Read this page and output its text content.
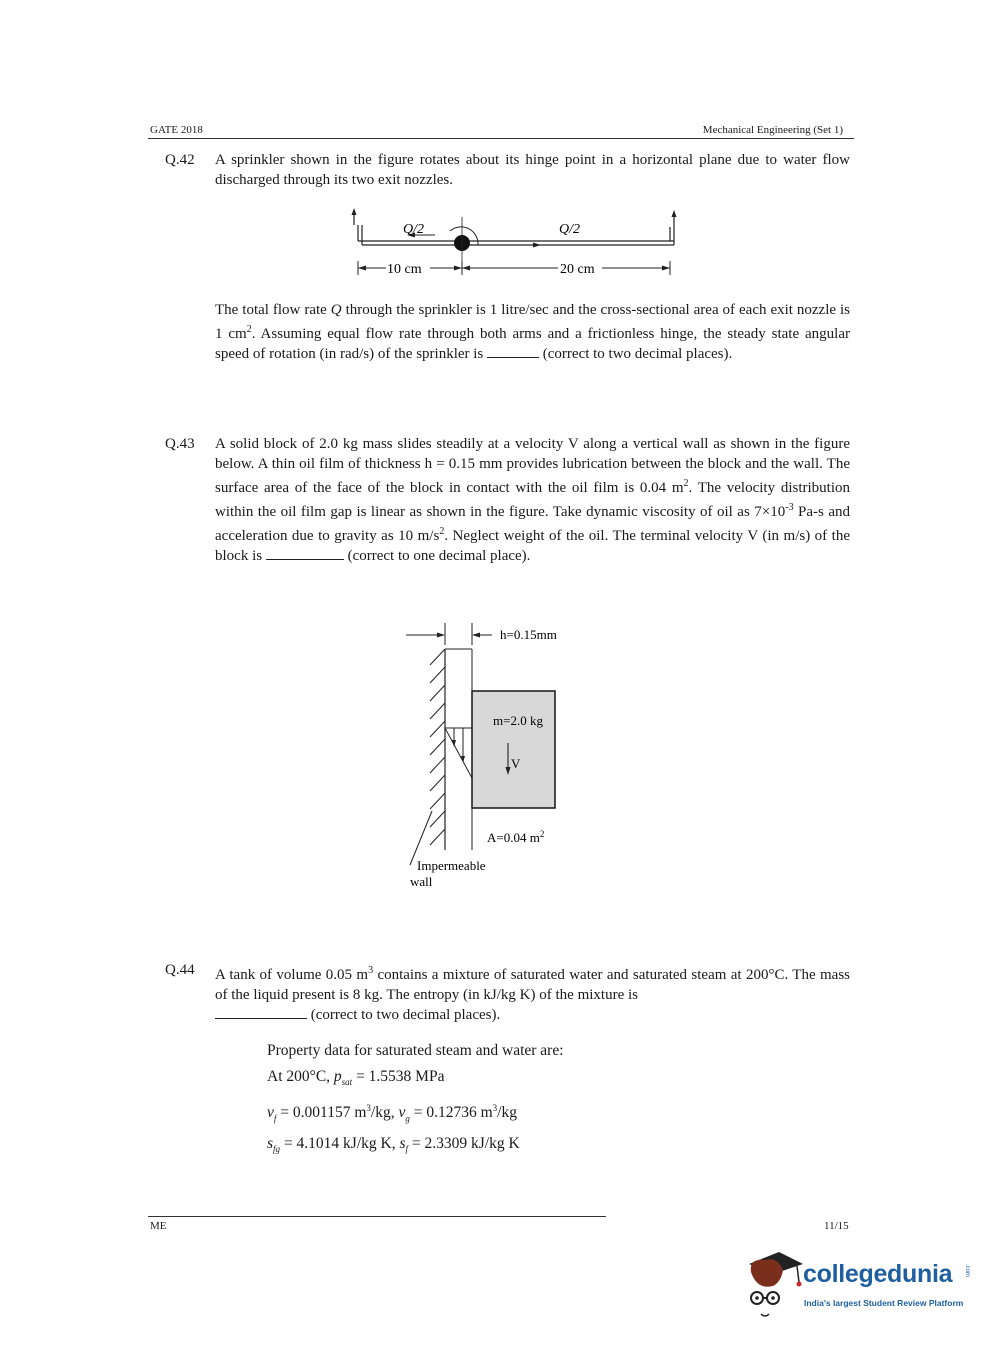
GATE 2018	Mechanical Engineering (Set 1)
Q.42 A sprinkler shown in the figure rotates about its hinge point in a horizontal plane due to water flow discharged through its two exit nozzles.
Q/2	Q/2
10 cm	20 cm
The total flow rate Q through the sprinkler is 1 litre/sec and the cross-sectional area of each exit nozzle is 1 $cm^2$. Assuming equal flow rate through both arms and a frictionless hinge, the steady state angular speed of rotation (in rad/s) of the sprinkler is	(correct to two decimal places).
Q.43 A solid block of 2.0 kg mass slides steadily at a velocity V along a vertical wall as shown in the figure below. A thin oil film of thickness h = 0.15 mm provides lubrication between the block and the wall. The surface area of the face of the block in contact with the oil film is 0.04 $m^2$. The velocity distribution within the oil film gap is linear as shown in the figure. Take dynamic viscosity of oil as $7\times 10^{-3}$ Pa-s and acceleration due to gravity as 10 $m/s^2$. Neglect weight of the oil. The terminal velocity V (in m/s) of the block is	(correct to one decimal place).
h=0.15mm
m=2.0 kg
V
A=0.04 $m^2$
Impermeable
wall
Q.44 A tank of volume 0.05 $m^3$ contains a mixture of saturated water and saturated steam at 200°C. The mass of the liquid present is 8 kg. The entropy (in kJ/kg K) of the mixture is
(correct to two decimal places).
Property data for saturated steam and water are:
At 200°C, $p_{sat} = 1.5538$ MPa
$v_f = 0.001157$ $m^3/kg$, $v_g = 0.12736$ $m^3/kg$
$s_{fg} = 4.1014$ kJ/kg K, $s_f = 2.3309$ kJ/kg K
ME	11/15
collegedunia .com
India's largest Student Review Platform
